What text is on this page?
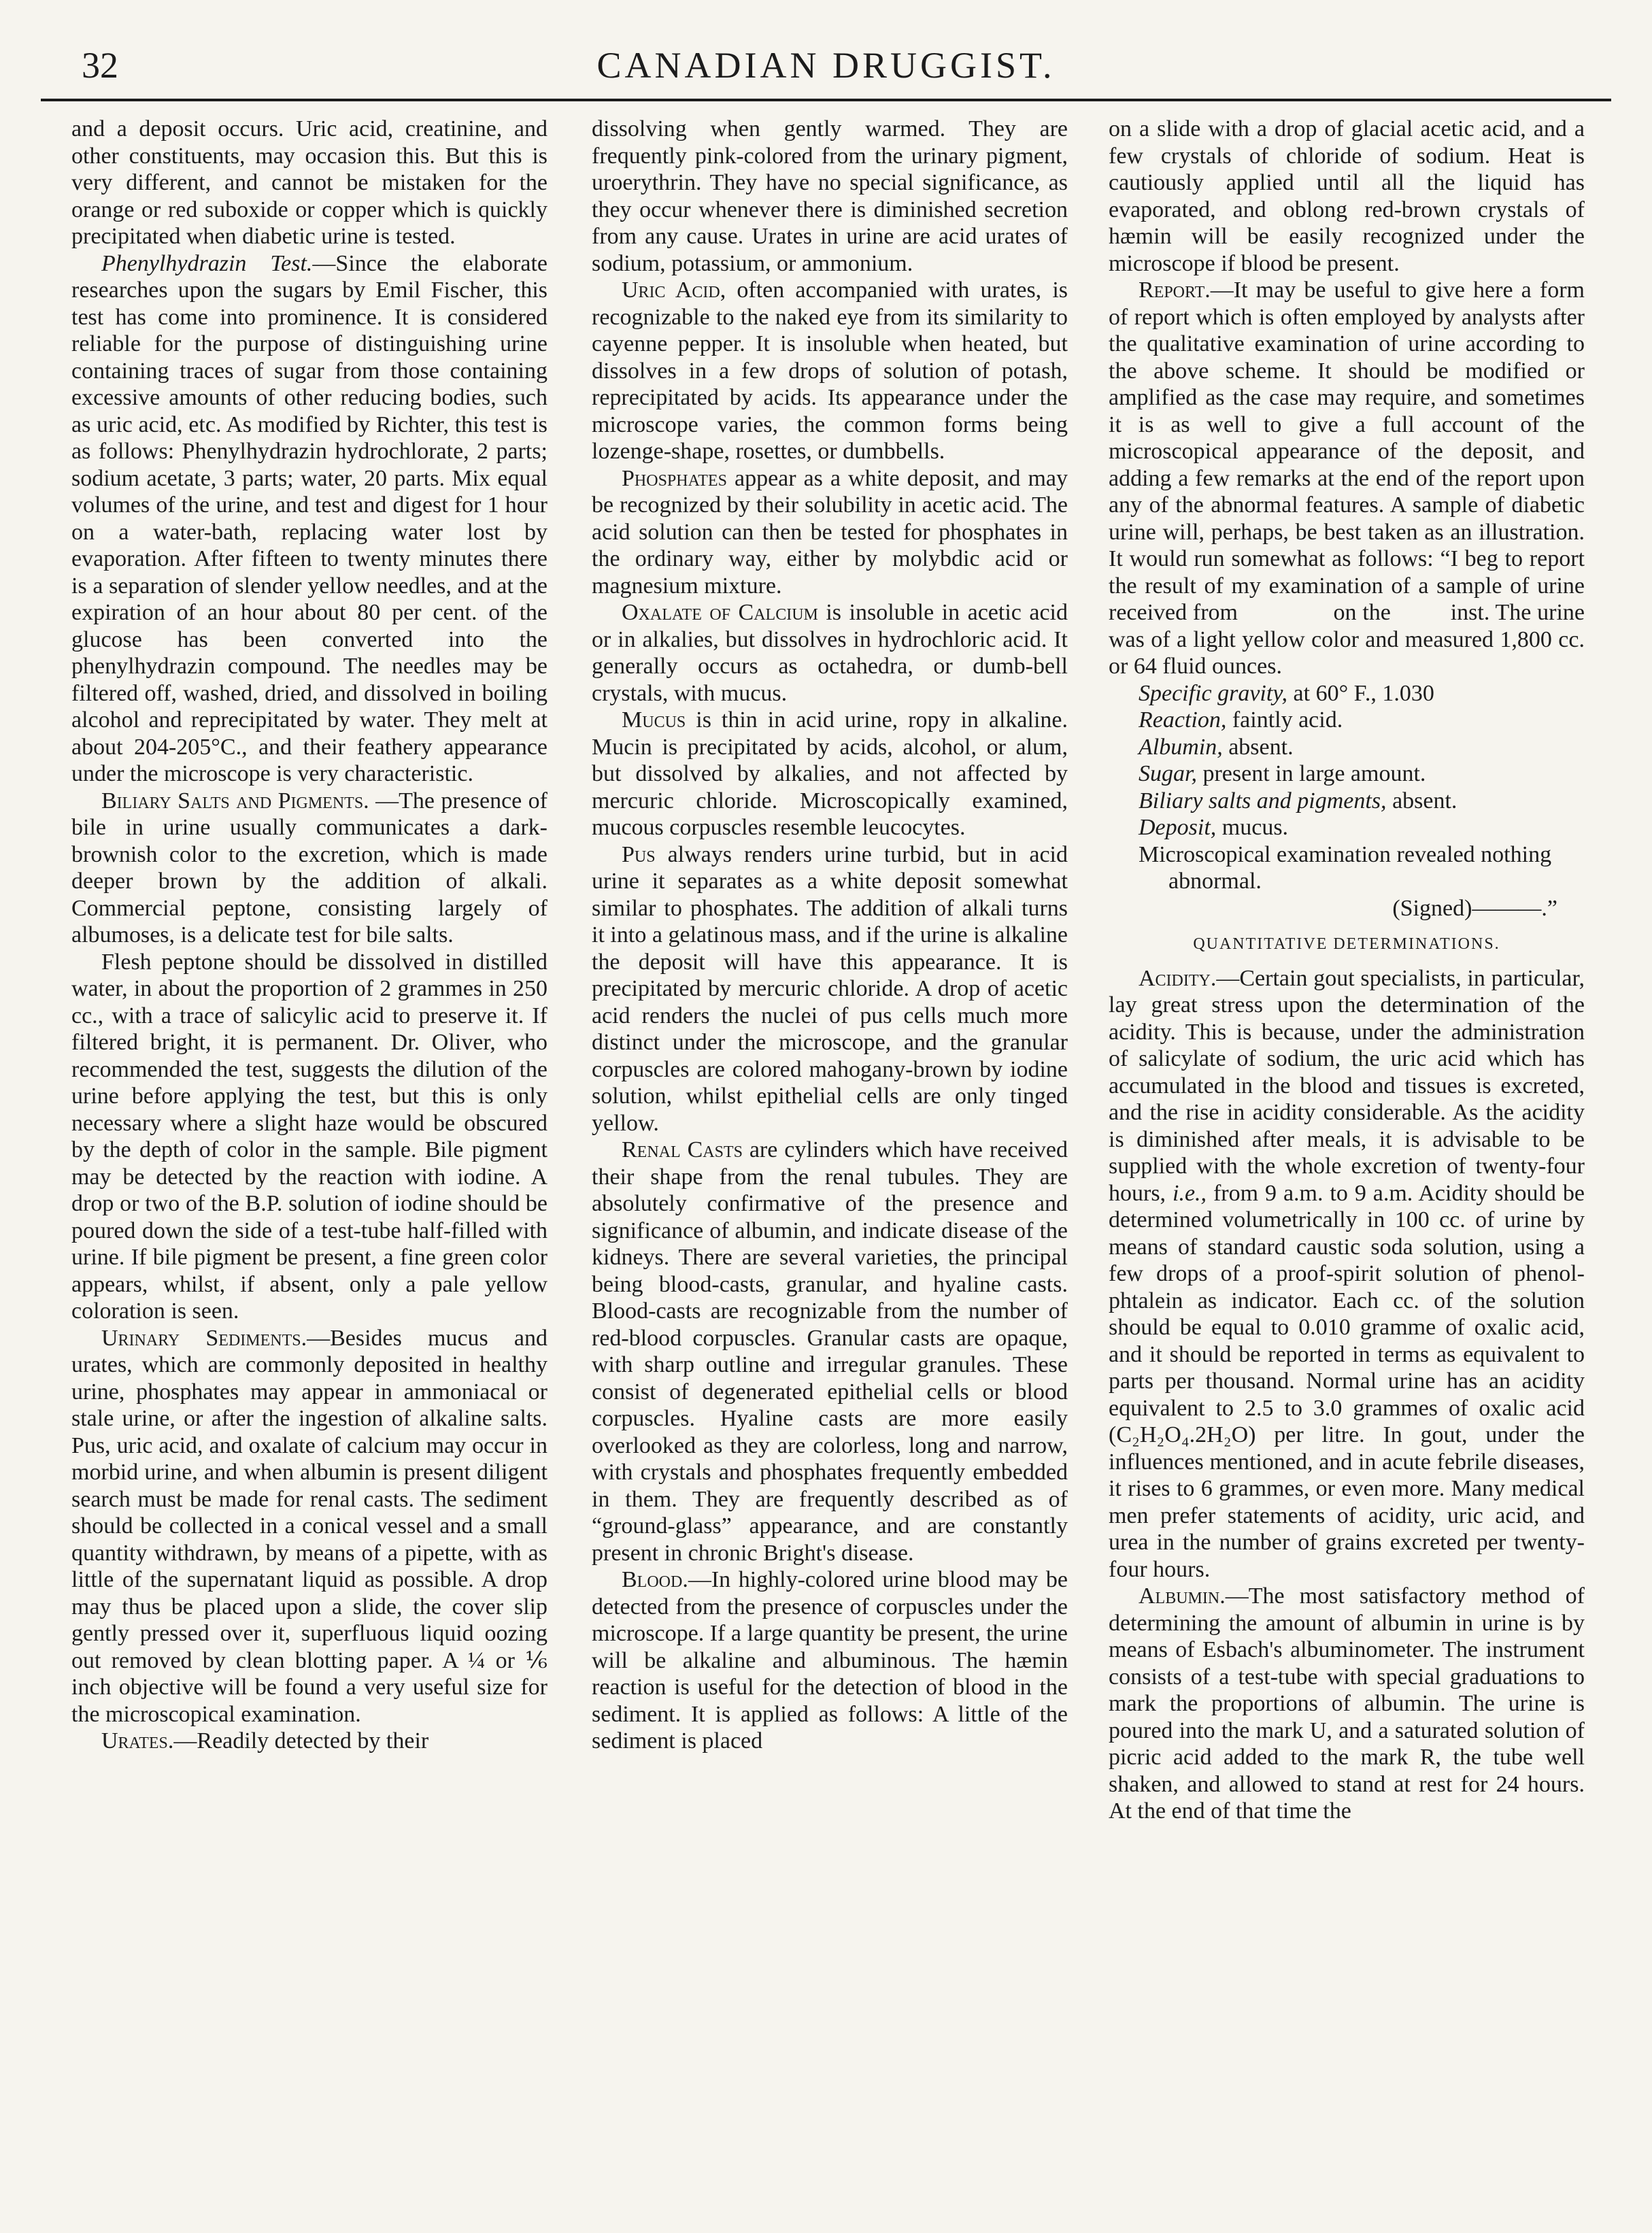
32	CANADIAN DRUGGIST.

and a deposit occurs. Uric acid, creatinine, and other constituents, may occasion this. But this is very different, and cannot be mistaken for the orange or red suboxide or copper which is quickly precipitated when diabetic urine is tested.

Phenylhydrazin Test.—Since the elaborate researches upon the sugars by Emil Fischer, this test has come into prominence. It is considered reliable for the purpose of distinguishing urine containing traces of sugar from those containing excessive amounts of other reducing bodies, such as uric acid, etc. As modified by Richter, this test is as follows: Phenylhydrazin hydrochlorate, 2 parts; sodium acetate, 3 parts; water, 20 parts. Mix equal volumes of the urine, and test and digest for 1 hour on a water-bath, replacing water lost by evaporation. After fifteen to twenty minutes there is a separation of slender yellow needles, and at the expiration of an hour about 80 per cent. of the glucose has been converted into the phenylhydrazin compound. The needles may be filtered off, washed, dried, and dissolved in boiling alcohol and reprecipitated by water. They melt at about 204-205°C., and their feathery appearance under the microscope is very characteristic.

Biliary Salts and Pigments. —The presence of bile in urine usually communicates a dark-brownish color to the excretion, which is made deeper brown by the addition of alkali. Commercial peptone, consisting largely of albumoses, is a delicate test for bile salts.

Flesh peptone should be dissolved in distilled water, in about the proportion of 2 grammes in 250 cc., with a trace of salicylic acid to preserve it. If filtered bright, it is permanent. Dr. Oliver, who recommended the test, suggests the dilution of the urine before applying the test, but this is only necessary where a slight haze would be obscured by the depth of color in the sample. Bile pigment may be detected by the reaction with iodine. A drop or two of the B.P. solution of iodine should be poured down the side of a test-tube half-filled with urine. If bile pigment be present, a fine green color appears, whilst, if absent, only a pale yellow coloration is seen.

Urinary Sediments.—Besides mucus and urates, which are commonly deposited in healthy urine, phosphates may appear in ammoniacal or stale urine, or after the ingestion of alkaline salts. Pus, uric acid, and oxalate of calcium may occur in morbid urine, and when albumin is present diligent search must be made for renal casts. The sediment should be collected in a conical vessel and a small quantity withdrawn, by means of a pipette, with as little of the supernatant liquid as possible. A drop may thus be placed upon a slide, the cover slip gently pressed over it, superfluous liquid oozing out removed by clean blotting paper. A ¼ or ⅙ inch objective will be found a very useful size for the microscopical examination.

Urates.—Readily detected by their

dissolving when gently warmed. They are frequently pink-colored from the urinary pigment, uroerythrin. They have no special significance, as they occur whenever there is diminished secretion from any cause. Urates in urine are acid urates of sodium, potassium, or ammonium.

Uric Acid, often accompanied with urates, is recognizable to the naked eye from its similarity to cayenne pepper. It is insoluble when heated, but dissolves in a few drops of solution of potash, reprecipitated by acids. Its appearance under the microscope varies, the common forms being lozenge-shape, rosettes, or dumbbells.

Phosphates appear as a white deposit, and may be recognized by their solubility in acetic acid. The acid solution can then be tested for phosphates in the ordinary way, either by molybdic acid or magnesium mixture.

Oxalate of Calcium is insoluble in acetic acid or in alkalies, but dissolves in hydrochloric acid. It generally occurs as octahedra, or dumb-bell crystals, with mucus.

Mucus is thin in acid urine, ropy in alkaline. Mucin is precipitated by acids, alcohol, or alum, but dissolved by alkalies, and not affected by mercuric chloride. Microscopically examined, mucous corpuscles resemble leucocytes.

Pus always renders urine turbid, but in acid urine it separates as a white deposit somewhat similar to phosphates. The addition of alkali turns it into a gelatinous mass, and if the urine is alkaline the deposit will have this appearance. It is precipitated by mercuric chloride. A drop of acetic acid renders the nuclei of pus cells much more distinct under the microscope, and the granular corpuscles are colored mahogany-brown by iodine solution, whilst epithelial cells are only tinged yellow.

Renal Casts are cylinders which have received their shape from the renal tubules. They are absolutely confirmative of the presence and significance of albumin, and indicate disease of the kidneys. There are several varieties, the principal being blood-casts, granular, and hyaline casts. Blood-casts are recognizable from the number of red-blood corpuscles. Granular casts are opaque, with sharp outline and irregular granules. These consist of degenerated epithelial cells or blood corpuscles. Hyaline casts are more easily overlooked as they are colorless, long and narrow, with crystals and phosphates frequently embedded in them. They are frequently described as of “ground-glass” appearance, and are constantly present in chronic Bright's disease.

Blood.—In highly-colored urine blood may be detected from the presence of corpuscles under the microscope. If a large quantity be present, the urine will be alkaline and albuminous. The hæmin reaction is useful for the detection of blood in the sediment. It is applied as follows: A little of the sediment is placed

on a slide with a drop of glacial acetic acid, and a few crystals of chloride of sodium. Heat is cautiously applied until all the liquid has evaporated, and oblong red-brown crystals of hæmin will be easily recognized under the microscope if blood be present.

Report.—It may be useful to give here a form of report which is often employed by analysts after the qualitative examination of urine according to the above scheme. It should be modified or amplified as the case may require, and sometimes it is as well to give a full account of the microscopical appearance of the deposit, and adding a few remarks at the end of the report upon any of the abnormal features. A sample of diabetic urine will, perhaps, be best taken as an illustration. It would run somewhat as follows: “I beg to report the result of my examination of a sample of urine received from                on the          inst. The urine was of a light yellow color and measured 1,800 cc. or 64 fluid ounces.

Specific gravity, at 60° F., 1.030
Reaction, faintly acid.
Albumin, absent.
Sugar, present in large amount.
Biliary salts and pigments, absent.
Deposit, mucus.
Microscopical examination revealed nothing abnormal.
(Signed)———.”
QUANTITATIVE DETERMINATIONS.

Acidity.—Certain gout specialists, in particular, lay great stress upon the determination of the acidity. This is because, under the administration of salicylate of sodium, the uric acid which has accumulated in the blood and tissues is excreted, and the rise in acidity considerable. As the acidity is diminished after meals, it is advisable to be supplied with the whole excretion of twenty-four hours, i.e., from 9 a.m. to 9 a.m. Acidity should be determined volumetrically in 100 cc. of urine by means of standard caustic soda solution, using a few drops of a proof-spirit solution of phenol-phtalein as indicator. Each cc. of the solution should be equal to 0.010 gramme of oxalic acid, and it should be reported in terms as equivalent to parts per thousand. Normal urine has an acidity equivalent to 2.5 to 3.0 grammes of oxalic acid (C₂H₂O₄.2H₂O) per litre. In gout, under the influences mentioned, and in acute febrile diseases, it rises to 6 grammes, or even more. Many medical men prefer statements of acidity, uric acid, and urea in the number of grains excreted per twenty-four hours.

Albumin.—The most satisfactory method of determining the amount of albumin in urine is by means of Esbach's albuminometer. The instrument consists of a test-tube with special graduations to mark the proportions of albumin. The urine is poured into the mark U, and a saturated solution of picric acid added to the mark R, the tube well shaken, and allowed to stand at rest for 24 hours. At the end of that time the
